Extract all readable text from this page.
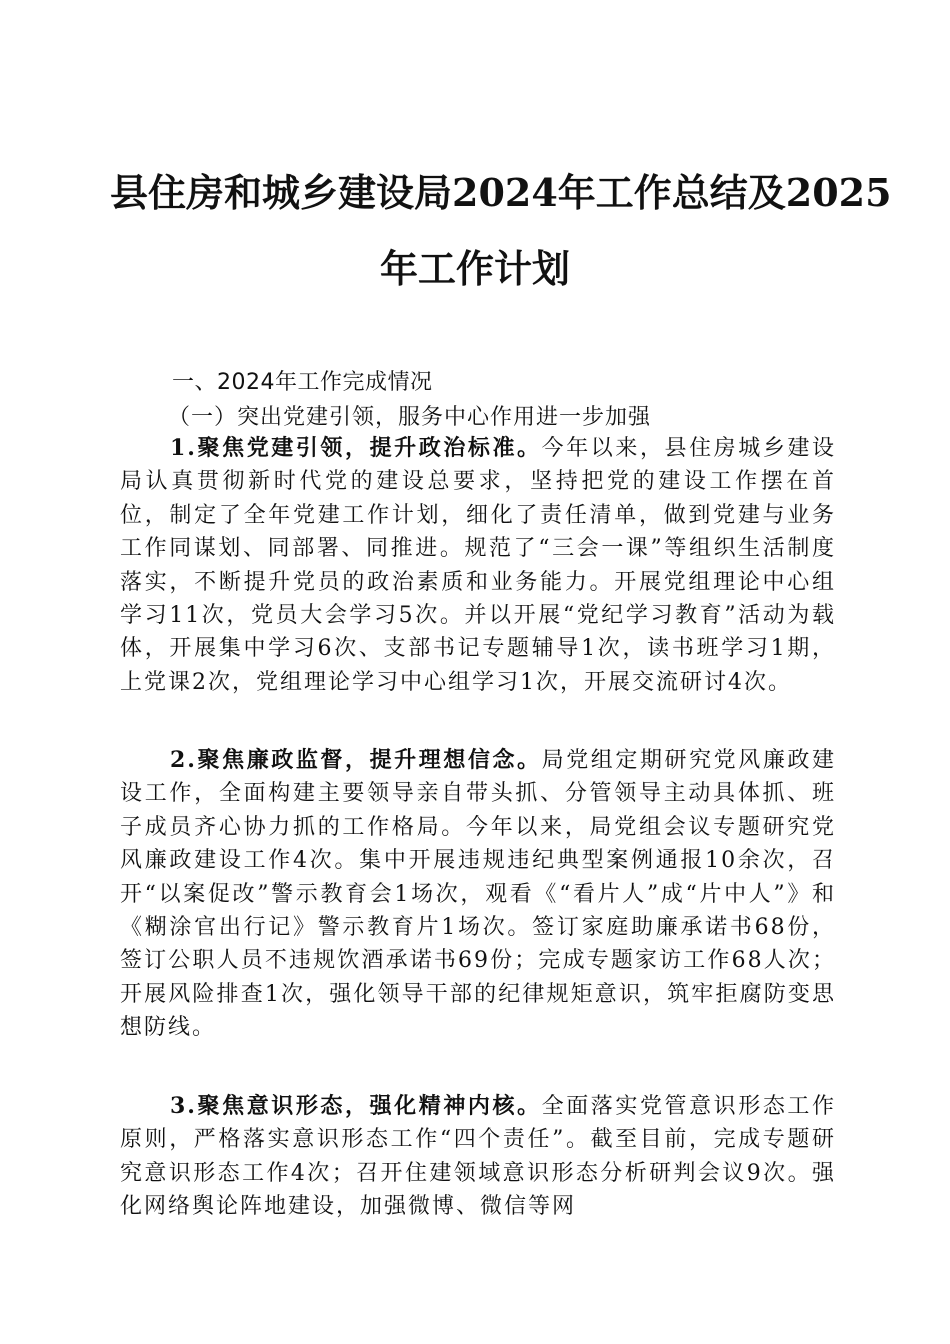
县住房和城乡建设局2024年工作总结及2025
年工作计划
一、2024年工作完成情况
（一）突出党建引领，服务中心作用进一步加强
1.聚焦党建引领，提升政治标准。今年以来，县住房城乡建设局认真贯彻新时代党的建设总要求，坚持把党的建设工作摆在首位，制定了全年党建工作计划，细化了责任清单，做到党建与业务工作同谋划、同部署、同推进。规范了“三会一课”等组织生活制度落实，不断提升党员的政治素质和业务能力。开展党组理论中心组学习11次，党员大会学习5次。并以开展“党纪学习教育”活动为载体，开展集中学习6次、支部书记专题辅导1次，读书班学习1期，上党课2次，党组理论学习中心组学习1次，开展交流研讨4次。
2.聚焦廉政监督，提升理想信念。局党组定期研究党风廉政建设工作，全面构建主要领导亲自带头抓、分管领导主动具体抓、班子成员齐心协力抓的工作格局。今年以来，局党组会议专题研究党风廉政建设工作4次。集中开展违规违纪典型案例通报10余次，召开“以案促改”警示教育会1场次，观看《“看片人”成“片中人”》和《糊涂官出行记》警示教育片1场次。签订家庭助廉承诺书68份，签订公职人员不违规饮酒承诺书69份；完成专题家访工作68人次；开展风险排查1次，强化领导干部的纪律规矩意识，筑牢拒腐防变思想防线。
3.聚焦意识形态，强化精神内核。全面落实党管意识形态工作原则，严格落实意识形态工作“四个责任”。截至目前，完成专题研究意识形态工作4次；召开住建领域意识形态分析研判会议9次。强化网络舆论阵地建设，加强微博、微信等网
